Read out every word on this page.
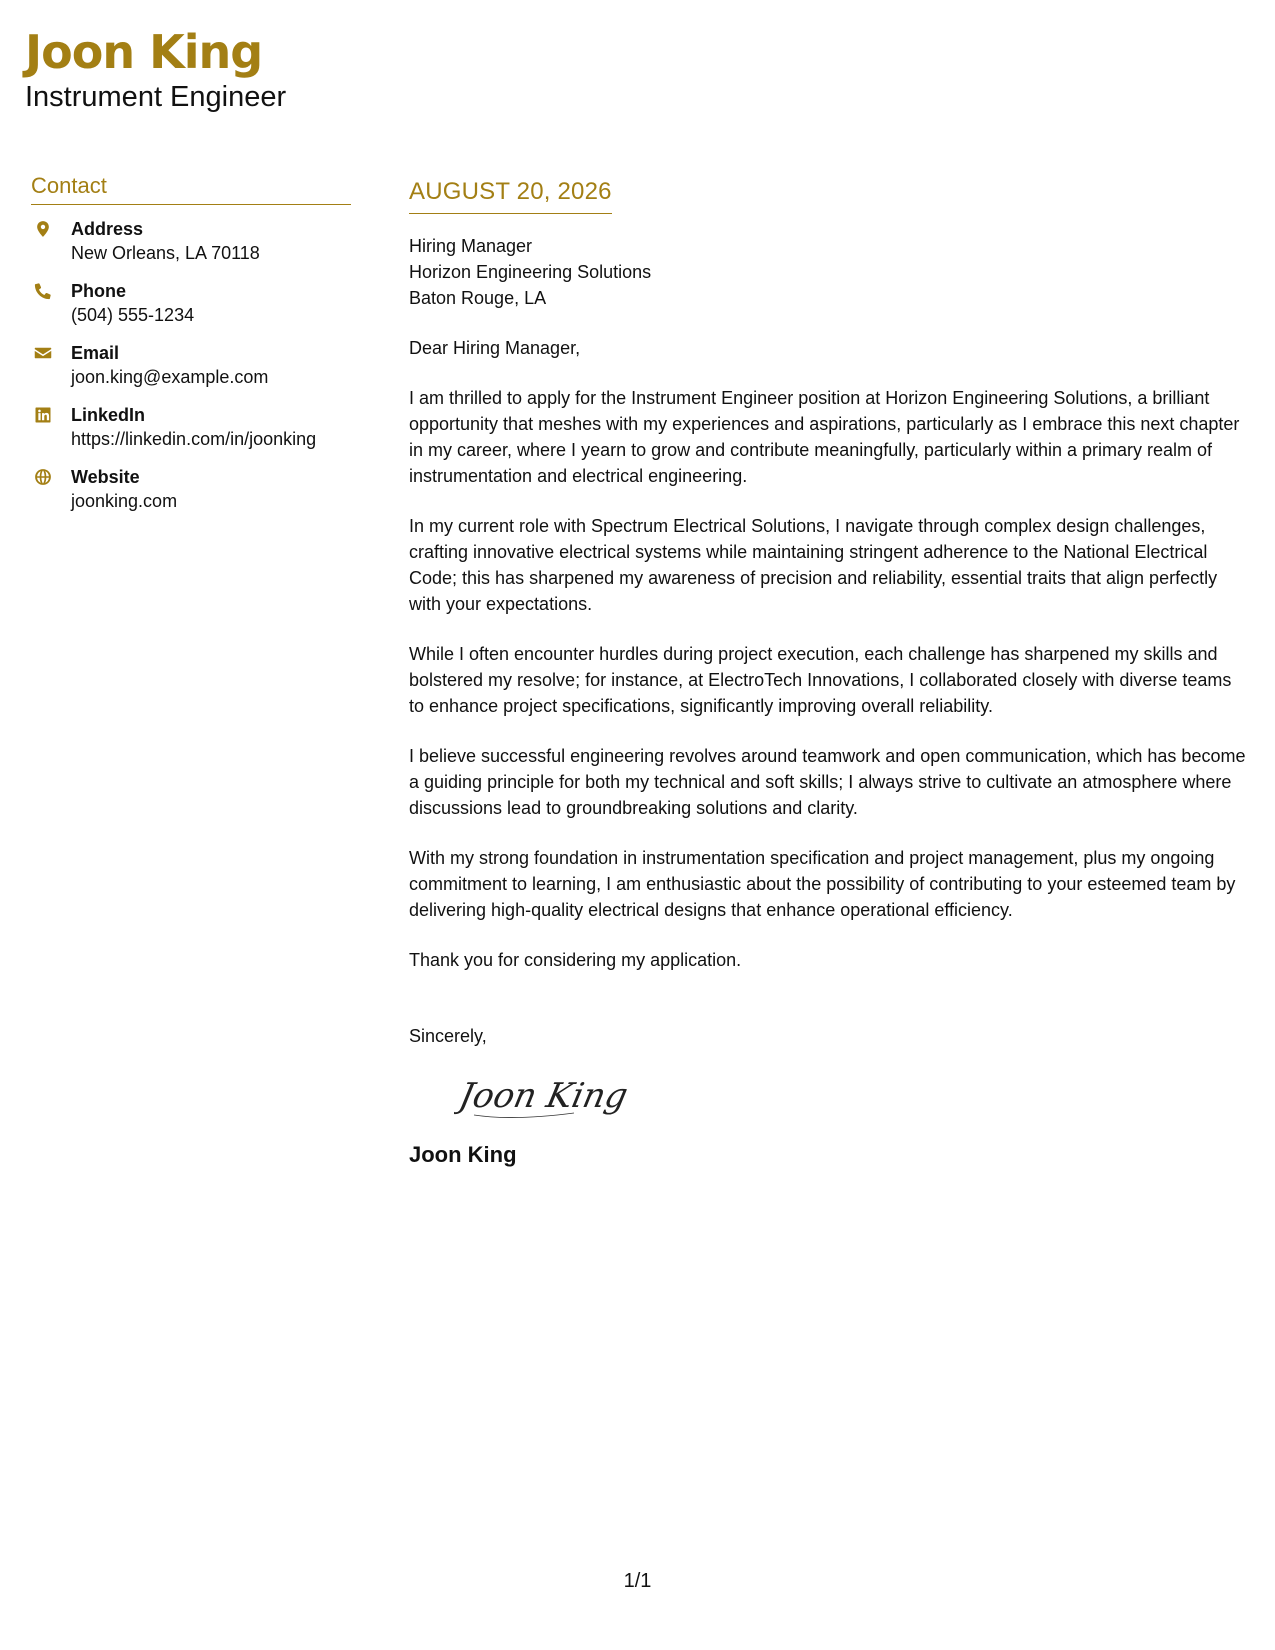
Joon King
Instrument Engineer
Contact
Address
New Orleans, LA 70118
Phone
(504) 555-1234
Email
joon.king@example.com
LinkedIn
https://linkedin.com/in/joonking
Website
joonking.com
AUGUST 20, 2026
Hiring Manager
Horizon Engineering Solutions
Baton Rouge, LA
Dear Hiring Manager,

I am thrilled to apply for the Instrument Engineer position at Horizon Engineering Solutions, a brilliant opportunity that meshes with my experiences and aspirations, particularly as I embrace this next chapter in my career, where I yearn to grow and contribute meaningfully, particularly within a primary realm of instrumentation and electrical engineering.

In my current role with Spectrum Electrical Solutions, I navigate through complex design challenges, crafting innovative electrical systems while maintaining stringent adherence to the National Electrical Code; this has sharpened my awareness of precision and reliability, essential traits that align perfectly with your expectations.

While I often encounter hurdles during project execution, each challenge has sharpened my skills and bolstered my resolve; for instance, at ElectroTech Innovations, I collaborated closely with diverse teams to enhance project specifications, significantly improving overall reliability.

I believe successful engineering revolves around teamwork and open communication, which has become a guiding principle for both my technical and soft skills; I always strive to cultivate an atmosphere where discussions lead to groundbreaking solutions and clarity.

With my strong foundation in instrumentation specification and project management, plus my ongoing commitment to learning, I am enthusiastic about the possibility of contributing to your esteemed team by delivering high-quality electrical designs that enhance operational efficiency.

Thank you for considering my application.

Sincerely,
Joon King
Joon King
1/1
